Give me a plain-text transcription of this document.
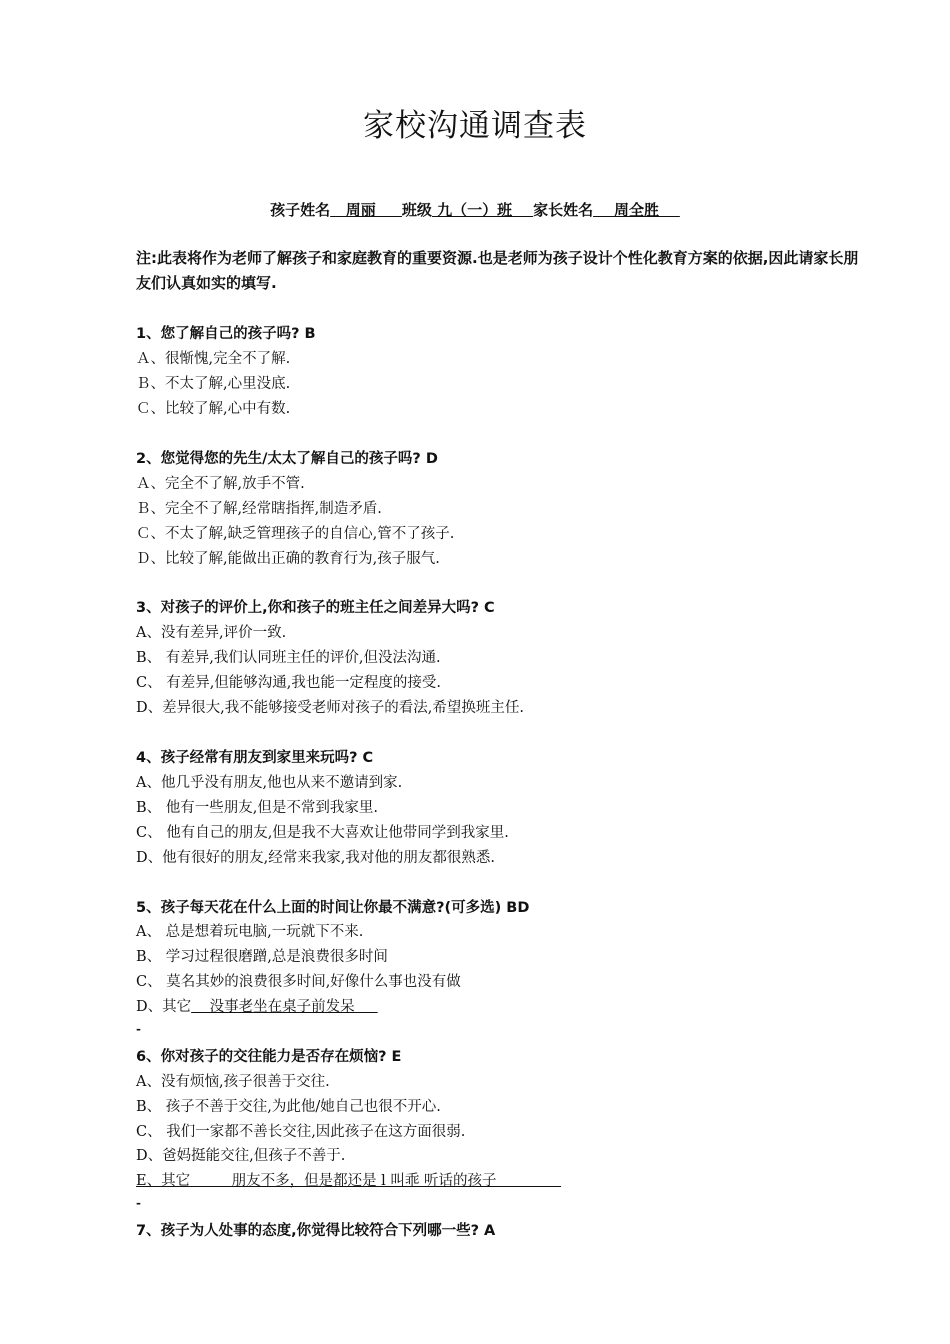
家校沟通调查表
孩子姓名   周丽     班级 九（一）班    家长姓名    周全胜
注:此表将作为老师了解孩子和家庭教育的重要资源.也是老师为孩子设计个性化教育方案的依据,因此请家长朋友们认真如实的填写.
1、您了解自己的孩子吗? B
Ａ、很惭愧,完全不了解.
Ｂ、不太了解,心里没底.
Ｃ、比较了解,心中有数.
2、您觉得您的先生/太太了解自己的孩子吗? D
Ａ、完全不了解,放手不管.
Ｂ、完全不了解,经常瞎指挥,制造矛盾.
Ｃ、不太了解,缺乏管理孩子的自信心,管不了孩子.
Ｄ、比较了解,能做出正确的教育行为,孩子服气.
3、对孩子的评价上,你和孩子的班主任之间差异大吗? C
A、没有差异,评价一致.
B、 有差异,我们认同班主任的评价,但没法沟通.
C、 有差异,但能够沟通,我也能一定程度的接受.
D、差异很大,我不能够接受老师对孩子的看法,希望换班主任.
4、孩子经常有朋友到家里来玩吗? C
A、他几乎没有朋友,他也从来不邀请到家.
B、 他有一些朋友,但是不常到我家里.
C、 他有自己的朋友,但是我不大喜欢让他带同学到我家里.
D、他有很好的朋友,经常来我家,我对他的朋友都很熟悉.
5、孩子每天花在什么上面的时间让你最不满意?(可多选) BD
A、 总是想着玩电脑,一玩就下不来.
B、 学习过程很磨蹭,总是浪费很多时间
C、 莫名其妙的浪费很多时间,好像什么事也没有做
D、其它    没事老坐在桌子前发呆
-
6、你对孩子的交往能力是否存在烦恼? E
A、没有烦恼,孩子很善于交往.
B、 孩子不善于交往,为此他/她自己也很不开心.
C、 我们一家都不善长交往,因此孩子在这方面很弱.
D、爸妈挺能交往,但孩子不善于.
E、其它         朋友不多，但是都还是 l 叫乖 听话的孩子
-
7、孩子为人处事的态度,你觉得比较符合下列哪一些? A
